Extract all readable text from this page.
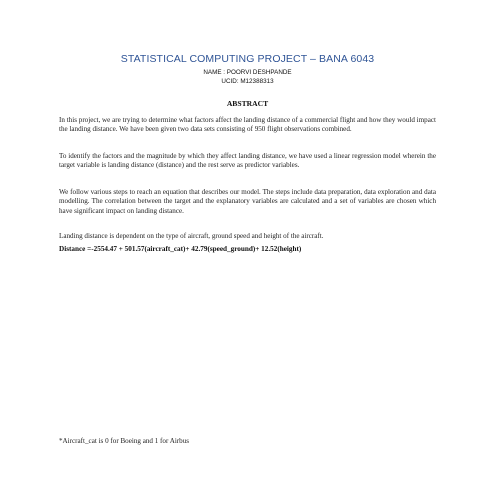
STATISTICAL COMPUTING PROJECT – BANA 6043
NAME : POORVI DESHPANDE
UCID: M12388313
ABSTRACT

In this project, we are trying to determine what factors affect the landing distance of a commercial flight and how they would impact the landing distance. We have been given two data sets consisting of 950 flight observations combined.

To identify the factors and the magnitude by which they affect landing distance, we have used a linear regression model wherein the target variable is landing distance (distance) and the rest serve as predictor variables.

We follow various steps to reach an equation that describes our model. The steps include data preparation, data exploration and data modelling. The correlation between the target and the explanatory variables are calculated and a set of variables are chosen which have significant impact on landing distance.

Landing distance is dependent on the type of aircraft, ground speed and height of the aircraft.

Distance =-2554.47 + 501.57(aircraft_cat)+ 42.79(speed_ground)+ 12.52(height)

*Aircraft_cat is 0 for Boeing and 1 for Airbus
